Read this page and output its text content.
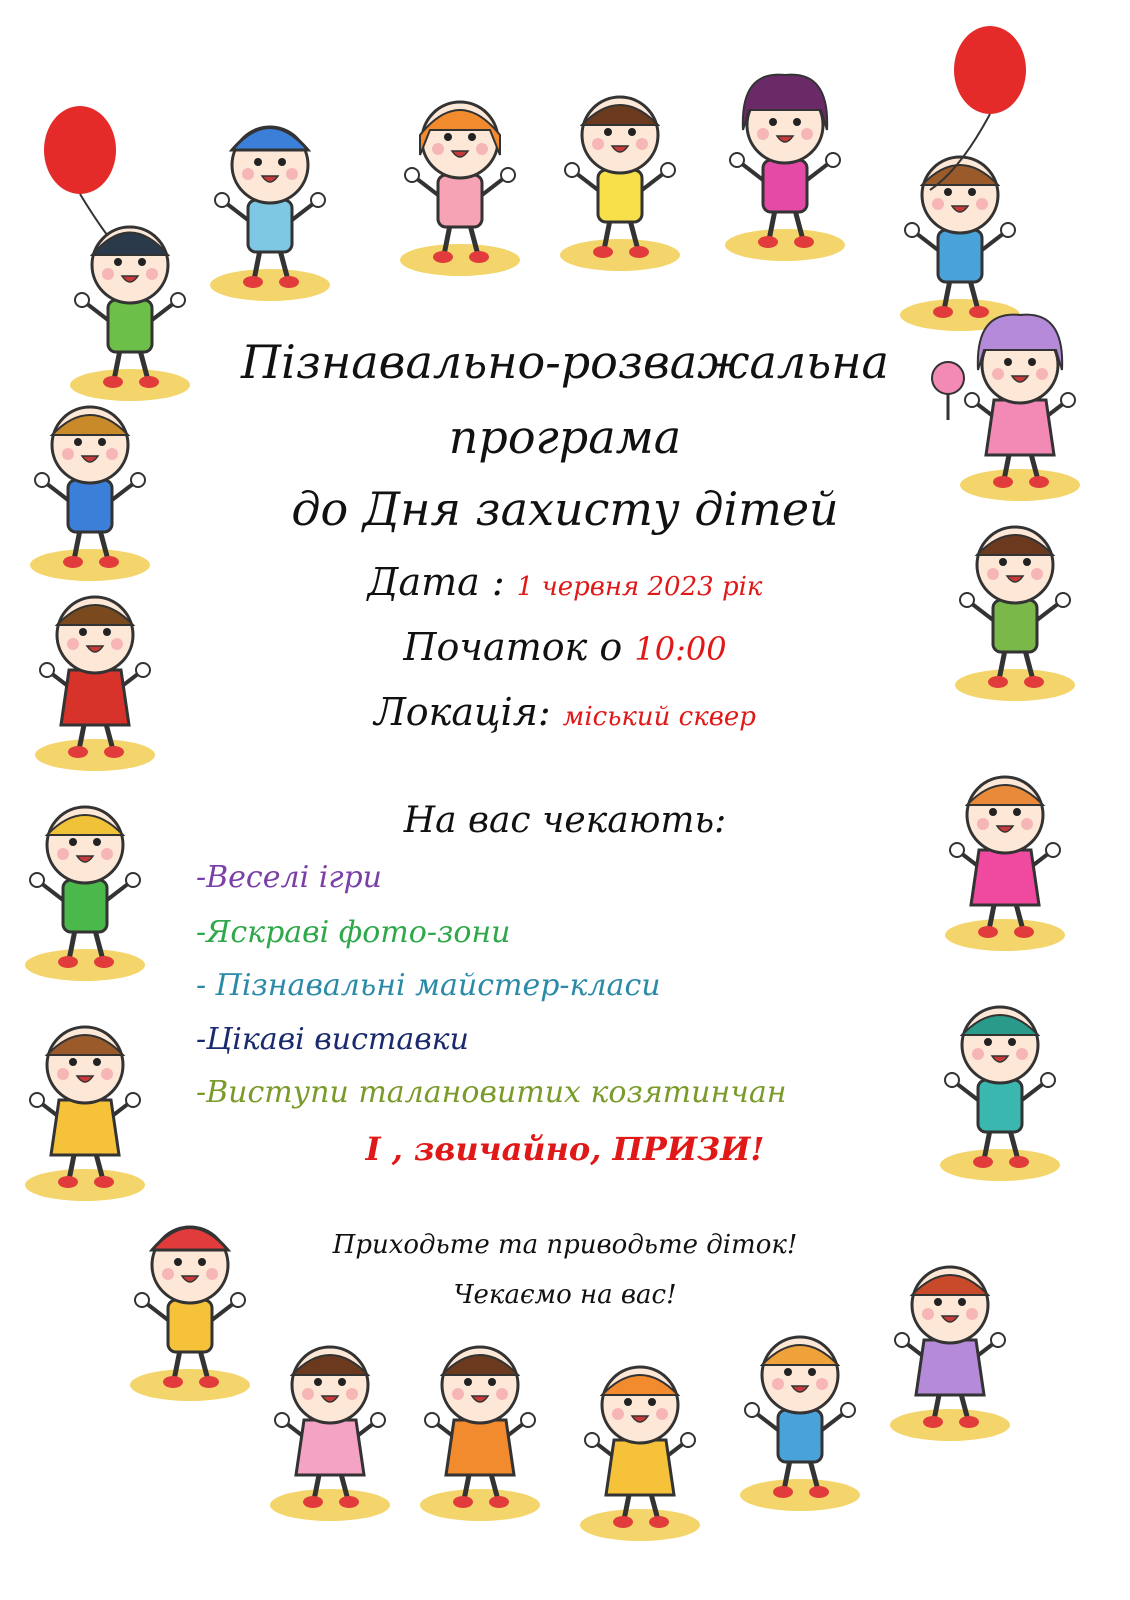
Пізнавально-розважальна
програма
до Дня захисту дітей
Дата : 1 червня 2023 рік
Початок о 10:00
Локація: міський сквер
На вас чекають:
-Веселі ігри
-Яскраві фото-зони
- Пізнавальні майстер-класи
-Цікаві виставки
-Виступи талановитих козятинчан
І , звичайно, ПРИЗИ!
Приходьте та приводьте діток!
Чекаємо на вас!
